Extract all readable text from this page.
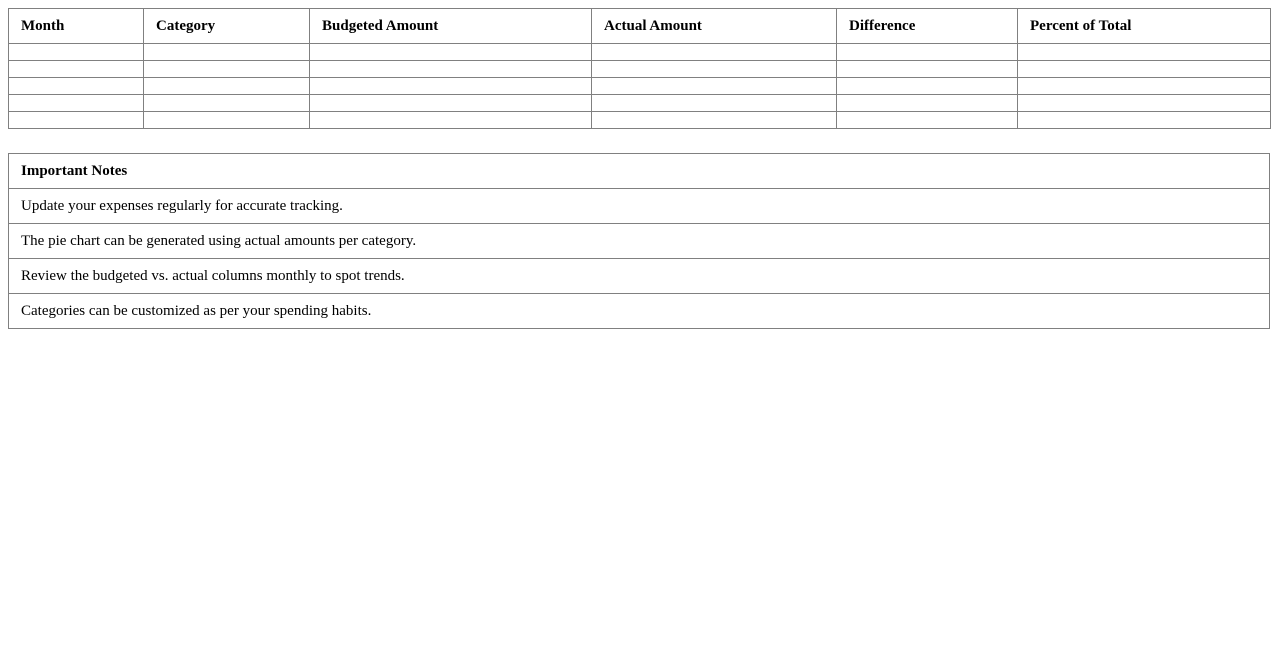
Month	Category	Budgeted Amount	Actual Amount	Difference	Percent of Total

Important Notes
Update your expenses regularly for accurate tracking.
The pie chart can be generated using actual amounts per category.
Review the budgeted vs. actual columns monthly to spot trends.
Categories can be customized as per your spending habits.
